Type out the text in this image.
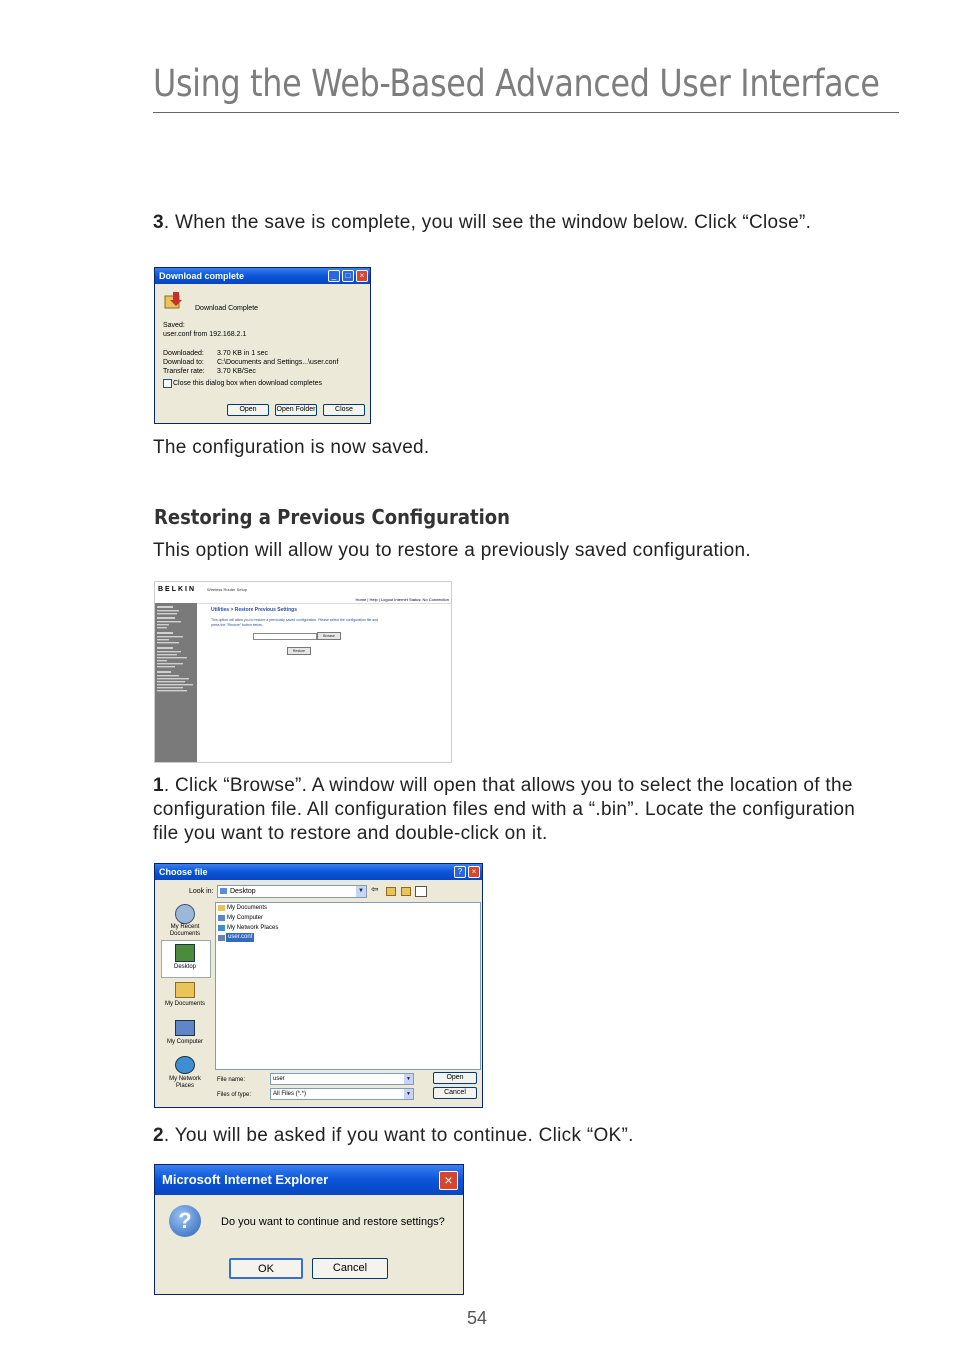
Using the Web-Based Advanced User Interface
3. When the save is complete, you will see the window below. Click “Close”.
Download complete	_	□	×
Download Complete
Saved:
user.conf from 192.168.2.1
Downloaded: 3.70 KB in 1 sec
Download to: C:\Documents and Settings...\user.conf
Transfer rate: 3.70 KB/Sec
Close this dialog box when download completes
Open	Open Folder	Close
The configuration is now saved.
Restoring a Previous Configuration
This option will allow you to restore a previously saved configuration.
BELKIN	Wireless Router Setup
Home | Help | Logout Internet Status: No Connection
Utilities > Restore Previous Settings
This option will allow you to restore a previously saved configuration. Please select the configuration file and press the "Restore" button below.
Browse
Restore
1. Click “Browse”. A window will open that allows you to select the location of the configuration file. All configuration files end with a “.bin”. Locate the configuration file you want to restore and double-click on it.
Choose file	?	×
Look in: Desktop	▼ ⇦
My Recent Documents
Desktop
My Documents
My Computer
My Network Places
My Documents
My Computer
My Network Places
user.conf
File name:	user	▼
Files of type:	All Files (*.*)	▼
Open
Cancel
2. You will be asked if you want to continue. Click “OK”.
Microsoft Internet Explorer	×
?	Do you want to continue and restore settings?
OK	Cancel
54
